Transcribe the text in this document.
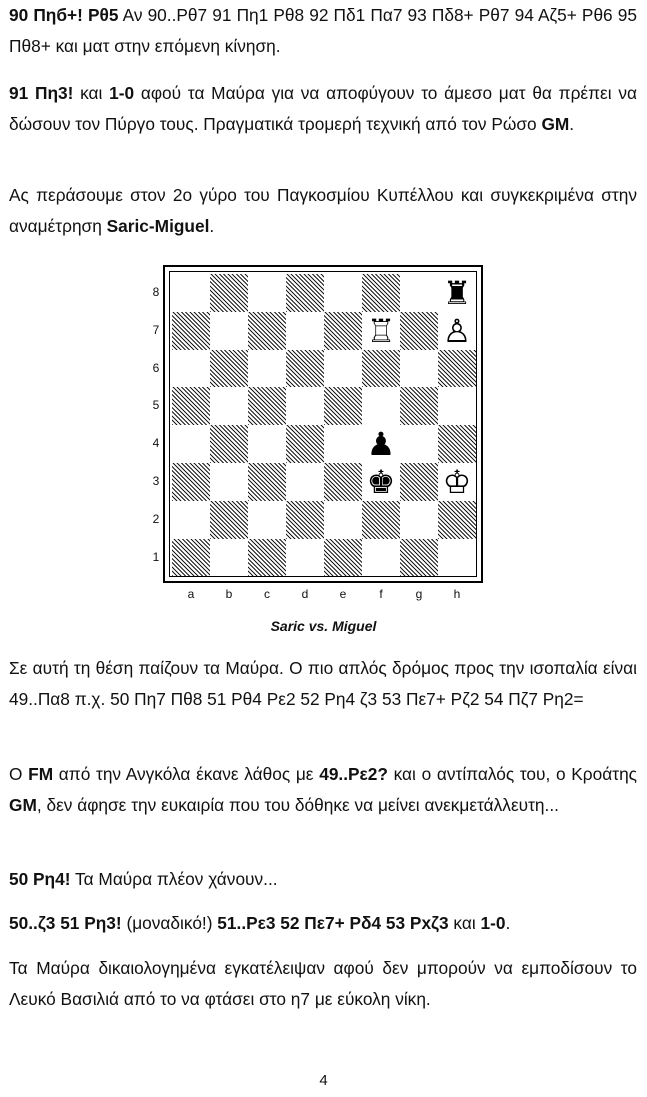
90 Πηб+! Ρθ5 Αν 90..Ρθ7 91 Πη1 Ρθ8 92 Πδ1 Πα7 93 Πδ8+ Ρθ7 94 Αζ5+ Ρθ6 95 Πθ8+ και ματ στην επόμενη κίνηση.

91 Πη3! και 1-0 αφού τα Μαύρα για να αποφύγουν το άμεσο ματ θα πρέπει να δώσουν τον Πύργο τους. Πραγματικά τρομερή τεχνική από τον Ρώσο GM.

Ας περάσουμε στον 2ο γύρο του Παγκοσμίου Κυπέλλου και συγκεκριμένα στην αναμέτρηση Saric-Miguel.

8
7
6
5
4
3
2
1
♜
♖ ♙
♟
♚ ♔
a	b	c	d	e	f	g	h
Saric vs. Miguel

Σε αυτή τη θέση παίζουν τα Μαύρα. Ο πιο απλός δρόμος προς την ισοπαλία είναι 49..Πα8 π.χ. 50 Πη7 Πθ8 51 Ρθ4 Ρε2 52 Ρη4 ζ3 53 Πε7+ Ρζ2 54 Πζ7 Ρη2=

Ο FM από την Ανγκόλα έκανε λάθος με 49..Ρε2? και ο αντίπαλός του, ο Κροάτης GM, δεν άφησε την ευκαιρία που του δόθηκε να μείνει ανεκμετάλλευτη...

50 Ρη4! Τα Μαύρα πλέον χάνουν...

50..ζ3 51 Ρη3! (μοναδικό!) 51..Ρε3 52 Πε7+ Ρδ4 53 Ρxζ3 και 1-0.

Τα Μαύρα δικαιολογημένα εγκατέλειψαν αφού δεν μπορούν να εμποδίσουν το Λευκό Βασιλιά από το να φτάσει στο η7 με εύκολη νίκη.

4
